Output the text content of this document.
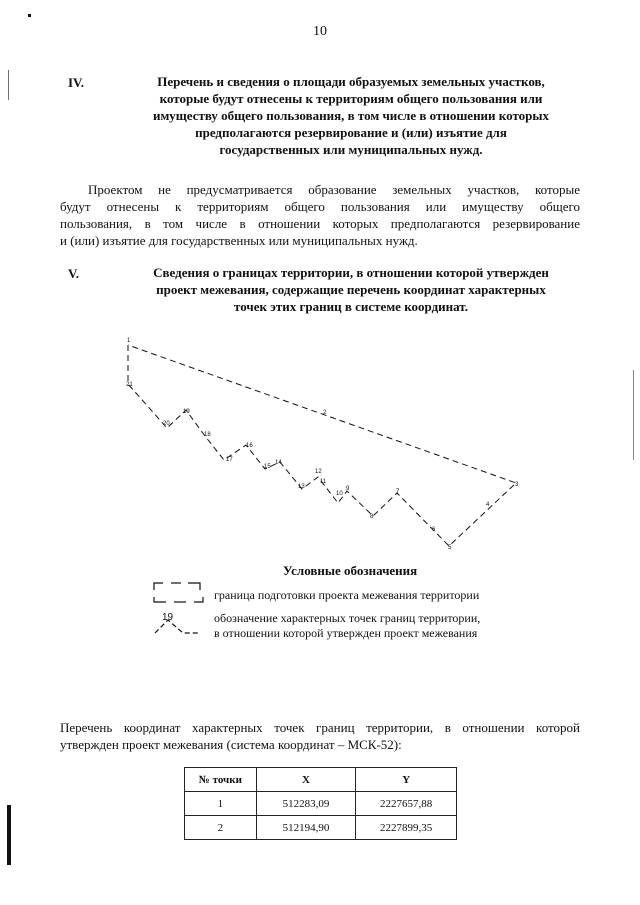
10
IV.	Перечень и сведения о площади образуемых земельных участков,
которые будут отнесены к территориям общего пользования или
имуществу общего пользования, в том числе в отношении которых
предполагаются резервирование и (или) изъятие для
государственных или муниципальных нужд.
Проектом не предусматривается образование земельных участков, которые
будут отнесены к территориям общего пользования или имуществу общего
пользования, в том числе в отношении которых предполагаются резервирование
и (или) изъятие для государственных или муниципальных нужд.
V.	Сведения о границах территории, в отношении которой утвержден
проект межевания, содержащие перечень координат характерных
точек этих границ в системе координат.
1
21
2
20
19
18
17
16
15
14
13
12
11
10
9
8
7
6
5
4
3
19
Условные обозначения
граница подготовки проекта межевания территории
обозначение характерных точек границ территории,
в отношении которой утвержден проект межевания
Перечень координат характерных точек границ территории, в отношении которой
утвержден проект межевания (система координат – МСК-52):
№ точки	X	Y
1	512283,09	2227657,88
2	512194,90	2227899,35
